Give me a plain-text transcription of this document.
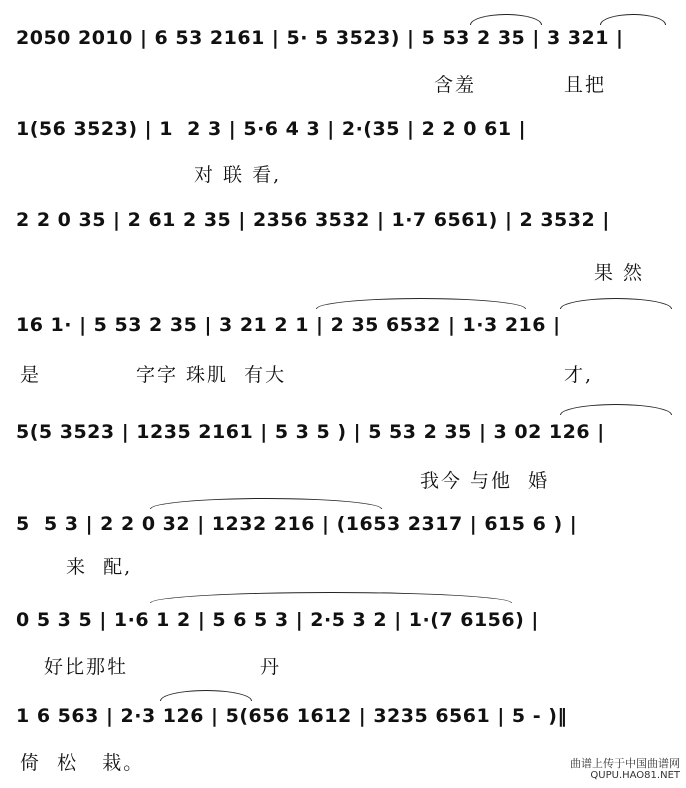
2050 2010 | 6 53 2161 | 5· 5 3523) | 5 53 2 35 | 3 321 |
含羞	且把
1(56 3523) | 1  2 3 | 5·6 4 3 | 2·(35 | 2 2 0 61 |
对 联 看,
2 2 0 35 | 2 61 2 35 | 2356 3532 | 1·7 6561) | 2 3532 |
果 然
16 1· | 5 53 2 35 | 3 21 2 1 | 2 35 6532 | 1·3 216 |
是	字字 珠肌  有大	才,
5(5 3523 | 1235 2161 | 5 3 5 ) | 5 53 2 35 | 3 02 126 |
我今 与他  婚
5  5 3 | 2 2 0 32 | 1232 216 | (1653 2317 | 615 6 ) |
来  配,
0 5 3 5 | 1·6 1 2 | 5 6 5 3 | 2·5 3 2 | 1·(7 6156) |
好比那牡	丹
1 6 563 | 2·3 126 | 5(656 1612 | 3235 6561 | 5 - )‖
倚  松   栽。	曲谱上传于中国曲谱网
QUPU.HAO81.NET
